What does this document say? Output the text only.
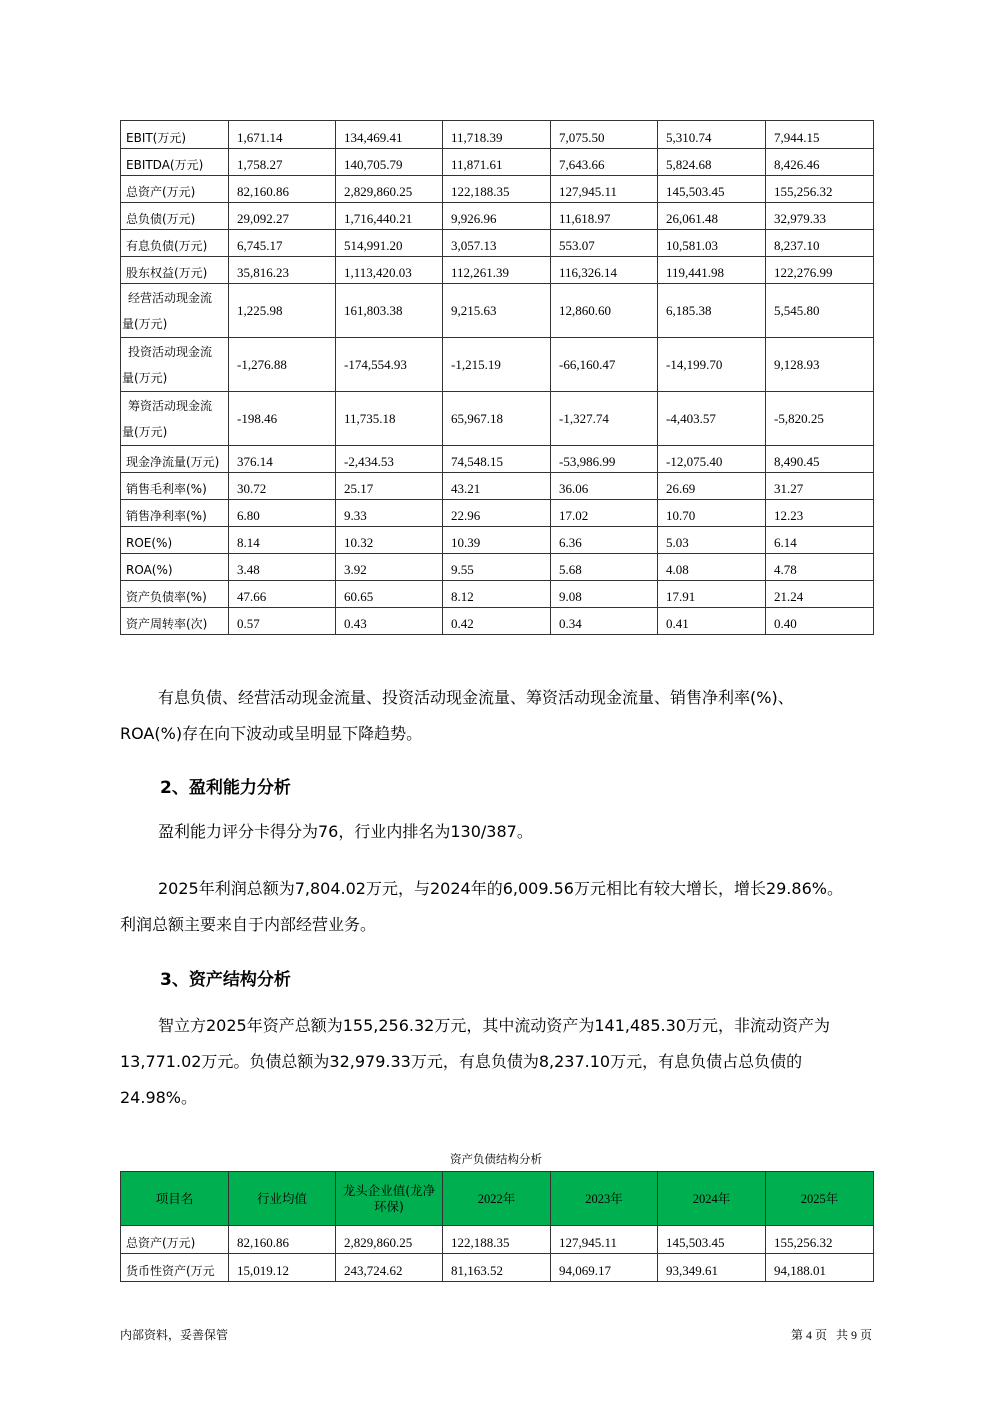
EBIT(万元)	1,671.14	134,469.41	11,718.39	7,075.50	5,310.74	7,944.15

EBITDA(万元)	1,758.27	140,705.79	11,871.61	7,643.66	5,824.68	8,426.46

总资产(万元)	82,160.86	2,829,860.25	122,188.35	127,945.11	145,503.45	155,256.32

总负债(万元)	29,092.27	1,716,440.21	9,926.96	11,618.97	26,061.48	32,979.33

有息负债(万元)	6,745.17	514,991.20	3,057.13	553.07	10,581.03	8,237.10

股东权益(万元)	35,816.23	1,113,420.03	112,261.39	116,326.14	119,441.98	122,276.99

经营活动现金流
量(万元)	1,225.98	161,803.38	9,215.63	12,860.60	6,185.38	5,545.80

投资活动现金流
量(万元)	-1,276.88	-174,554.93	-1,215.19	-66,160.47	-14,199.70	9,128.93

筹资活动现金流
量(万元)	-198.46	11,735.18	65,967.18	-1,327.74	-4,403.57	-5,820.25

现金净流量(万元)	376.14	-2,434.53	74,548.15	-53,986.99	-12,075.40	8,490.45

销售毛利率(%)	30.72	25.17	43.21	36.06	26.69	31.27

销售净利率(%)	6.80	9.33	22.96	17.02	10.70	12.23

ROE(%)	8.14	10.32	10.39	6.36	5.03	6.14

ROA(%)	3.48	3.92	9.55	5.68	4.08	4.78

资产负债率(%)	47.66	60.65	8.12	9.08	17.91	21.24

资产周转率(次)	0.57	0.43	0.42	0.34	0.41	0.40

有息负债、经营活动现金流量、投资活动现金流量、筹资活动现金流量、销售净利率(%)、

ROA(%)存在向下波动或呈明显下降趋势。

2、盈利能力分析

盈利能力评分卡得分为76，行业内排名为130/387。

2025年利润总额为7,804.02万元，与2024年的6,009.56万元相比有较大增长，增长29.86%。

利润总额主要来自于内部经营业务。

3、资产结构分析

智立方2025年资产总额为155,256.32万元，其中流动资产为141,485.30万元，非流动资产为

13,771.02万元。负债总额为32,979.33万元，有息负债为8,237.10万元，有息负债占总负债的

24.98%。

资产负债结构分析
项目名	行业均值	龙头企业值(龙净
环保)	2022年	2023年	2024年	2025年
总资产(万元)	82,160.86	2,829,860.25	122,188.35	127,945.11	145,503.45	155,256.32
货币性资产(万元	15,019.12	243,724.62	81,163.52	94,069.17	93,349.61	94,188.01
内部资料，妥善保管	第 4 页   共 9 页
